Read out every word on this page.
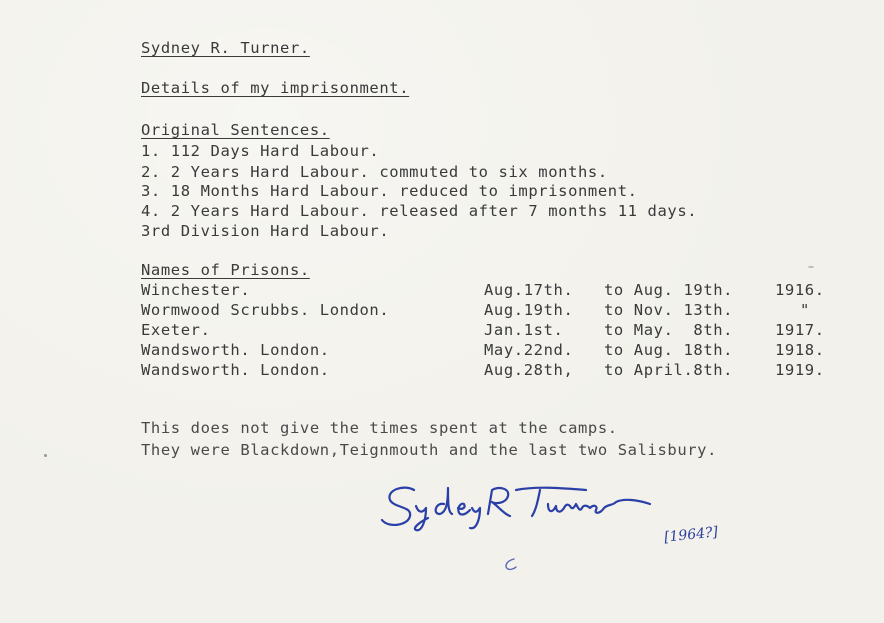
Sydney R. Turner.
Details of my imprisonment.
Original Sentences.
1. 112 Days Hard Labour.
2. 2 Years Hard Labour. commuted to six months.
3. 18 Months Hard Labour. reduced to imprisonment.
4. 2 Years Hard Labour. released after 7 months 11 days.
3rd Division Hard Labour.
Names of Prisons.
Winchester.	Aug.17th. to Aug. 19th.	1916.
Wormwood Scrubbs. London.	Aug.19th. to Nov. 13th.	"
Exeter.	Jan.1st.	to May.  8th.	1917.
Wandsworth. London.	May.22nd. to Aug. 18th.	1918.
Wandsworth. London.	Aug.28th, to April.8th.	1919.
This does not give the times spent at the camps.
They were Blackdown,Teignmouth and the last two Salisbury.
[1964?]
